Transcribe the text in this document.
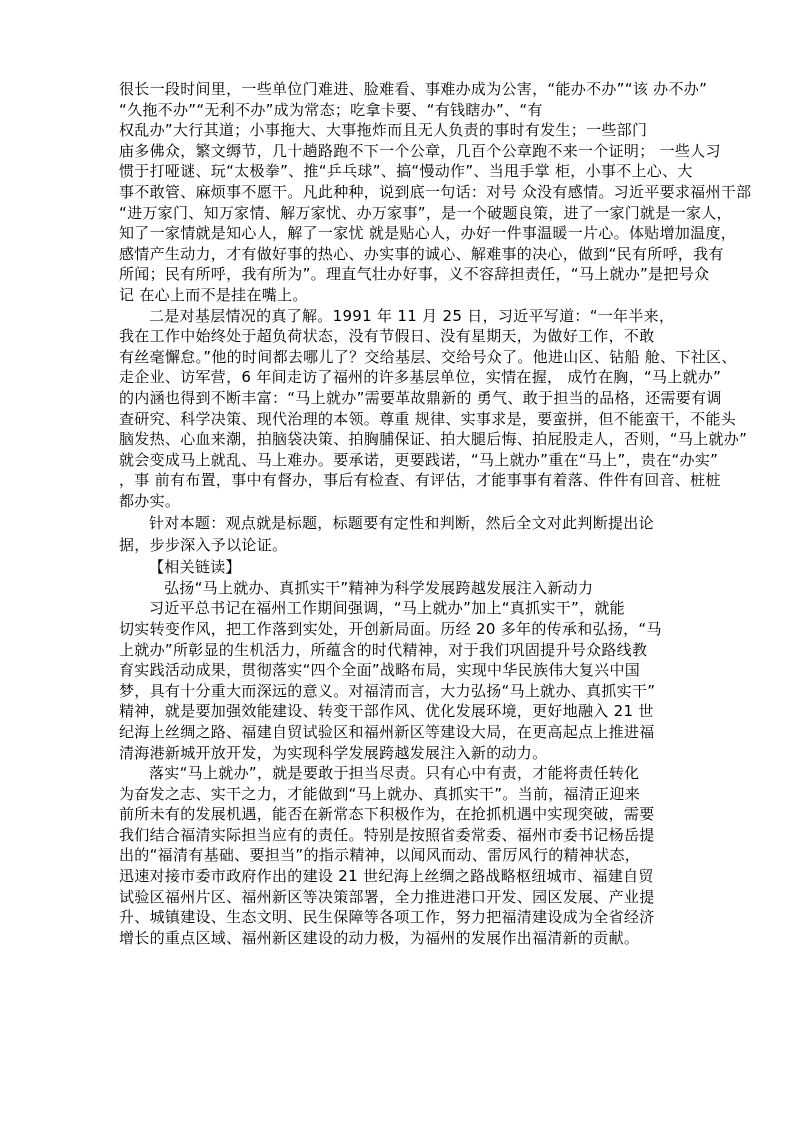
很长一段时间里，一些单位门难进、脸难看、事难办成为公害，“能办不办”“该 办不办”
“久拖不办”“无利不办”成为常态；吃拿卡要、“有钱瞎办”、“有
权乱办”大行其道；小事拖大、大事拖炸而且无人负责的事时有发生；一些部门
庙多佛众，繁文缛节，几十趟路跑不下一个公章，几百个公章跑不来一个证明； 一些人习
惯于打哑谜、玩“太极拳”、推“乒乓球”、搞“慢动作”、当甩手掌 柜，小事不上心、大
事不敢管、麻烦事不愿干。凡此种种，说到底一句话：对号 众没有感情。习近平要求福州干部
“进万家门、知万家情、解万家忧、办万家事”，是一个破题良策，进了一家门就是一家人，
知了一家情就是知心人，解了一家忧 就是贴心人，办好一件事温暖一片心。体贴增加温度，
感情产生动力，才有做好事的热心、办实事的诚心、解难事的决心，做到“民有所呼，我有
所闻；民有所呼，我有所为”。理直气壮办好事，义不容辞担责任，“马上就办”是把号众
记 在心上而不是挂在嘴上。
二是对基层情况的真了解。1991 年 11 月 25 日，习近平写道：“一年半来，
我在工作中始终处于超负荷状态，没有节假日、没有星期天，为做好工作，不敢
有丝毫懈怠。”他的时间都去哪儿了？交给基层、交给号众了。他进山区、钻船 舱、下社区、
走企业、访军营，6 年间走访了福州的许多基层单位，实情在握， 成竹在胸，“马上就办”
的内涵也得到不断丰富：“马上就办”需要革故鼎新的 勇气、敢于担当的品格，还需要有调
查研究、科学决策、现代治理的本领。尊重 规律、实事求是，要蛮拼，但不能蛮干，不能头
脑发热、心血来潮，拍脑袋决策、拍胸脯保证、拍大腿后悔、拍屁股走人，否则，“马上就办”
就会变成马上就乱、马上难办。要承诺，更要践诺，“马上就办”重在“马上”，贵在“办实”
，事 前有布置，事中有督办，事后有检查、有评估，才能事事有着落、件件有回音、桩桩
都办实。
针对本题：观点就是标题，标题要有定性和判断，然后全文对此判断提出论
据，步步深入予以论证。
【相关链读】
弘扬“马上就办、真抓实干”精神为科学发展跨越发展注入新动力
习近平总书记在福州工作期间强调，“马上就办”加上“真抓实干”，就能
切实转变作风，把工作落到实处，开创新局面。历经 20 多年的传承和弘扬，“马
上就办”所彰显的生机活力，所蕴含的时代精神，对于我们巩固提升号众路线教
育实践活动成果，贯彻落实“四个全面”战略布局，实现中华民族伟大复兴中国
梦，具有十分重大而深远的意义。对福清而言，大力弘扬“马上就办、真抓实干”
精神，就是要加强效能建设、转变干部作风、优化发展环境，更好地融入 21 世
纪海上丝绸之路、福建自贸试验区和福州新区等建设大局，在更高起点上推进福
清海港新城开放开发，为实现科学发展跨越发展注入新的动力。
落实“马上就办”，就是要敢于担当尽责。只有心中有责，才能将责任转化
为奋发之志、实干之力，才能做到“马上就办、真抓实干”。当前，福清正迎来
前所未有的发展机遇，能否在新常态下积极作为，在抢抓机遇中实现突破，需要
我们结合福清实际担当应有的责任。特别是按照省委常委、福州市委书记杨岳提
出的“福清有基础、要担当”的指示精神，以闻风而动、雷厉风行的精神状态，
迅速对接市委市政府作出的建设 21 世纪海上丝绸之路战略枢纽城市、福建自贸
试验区福州片区、福州新区等决策部署，全力推进港口开发、园区发展、产业提
升、城镇建设、生态文明、民生保障等各项工作，努力把福清建设成为全省经济
增长的重点区域、福州新区建设的动力极，为福州的发展作出福清新的贡献。
